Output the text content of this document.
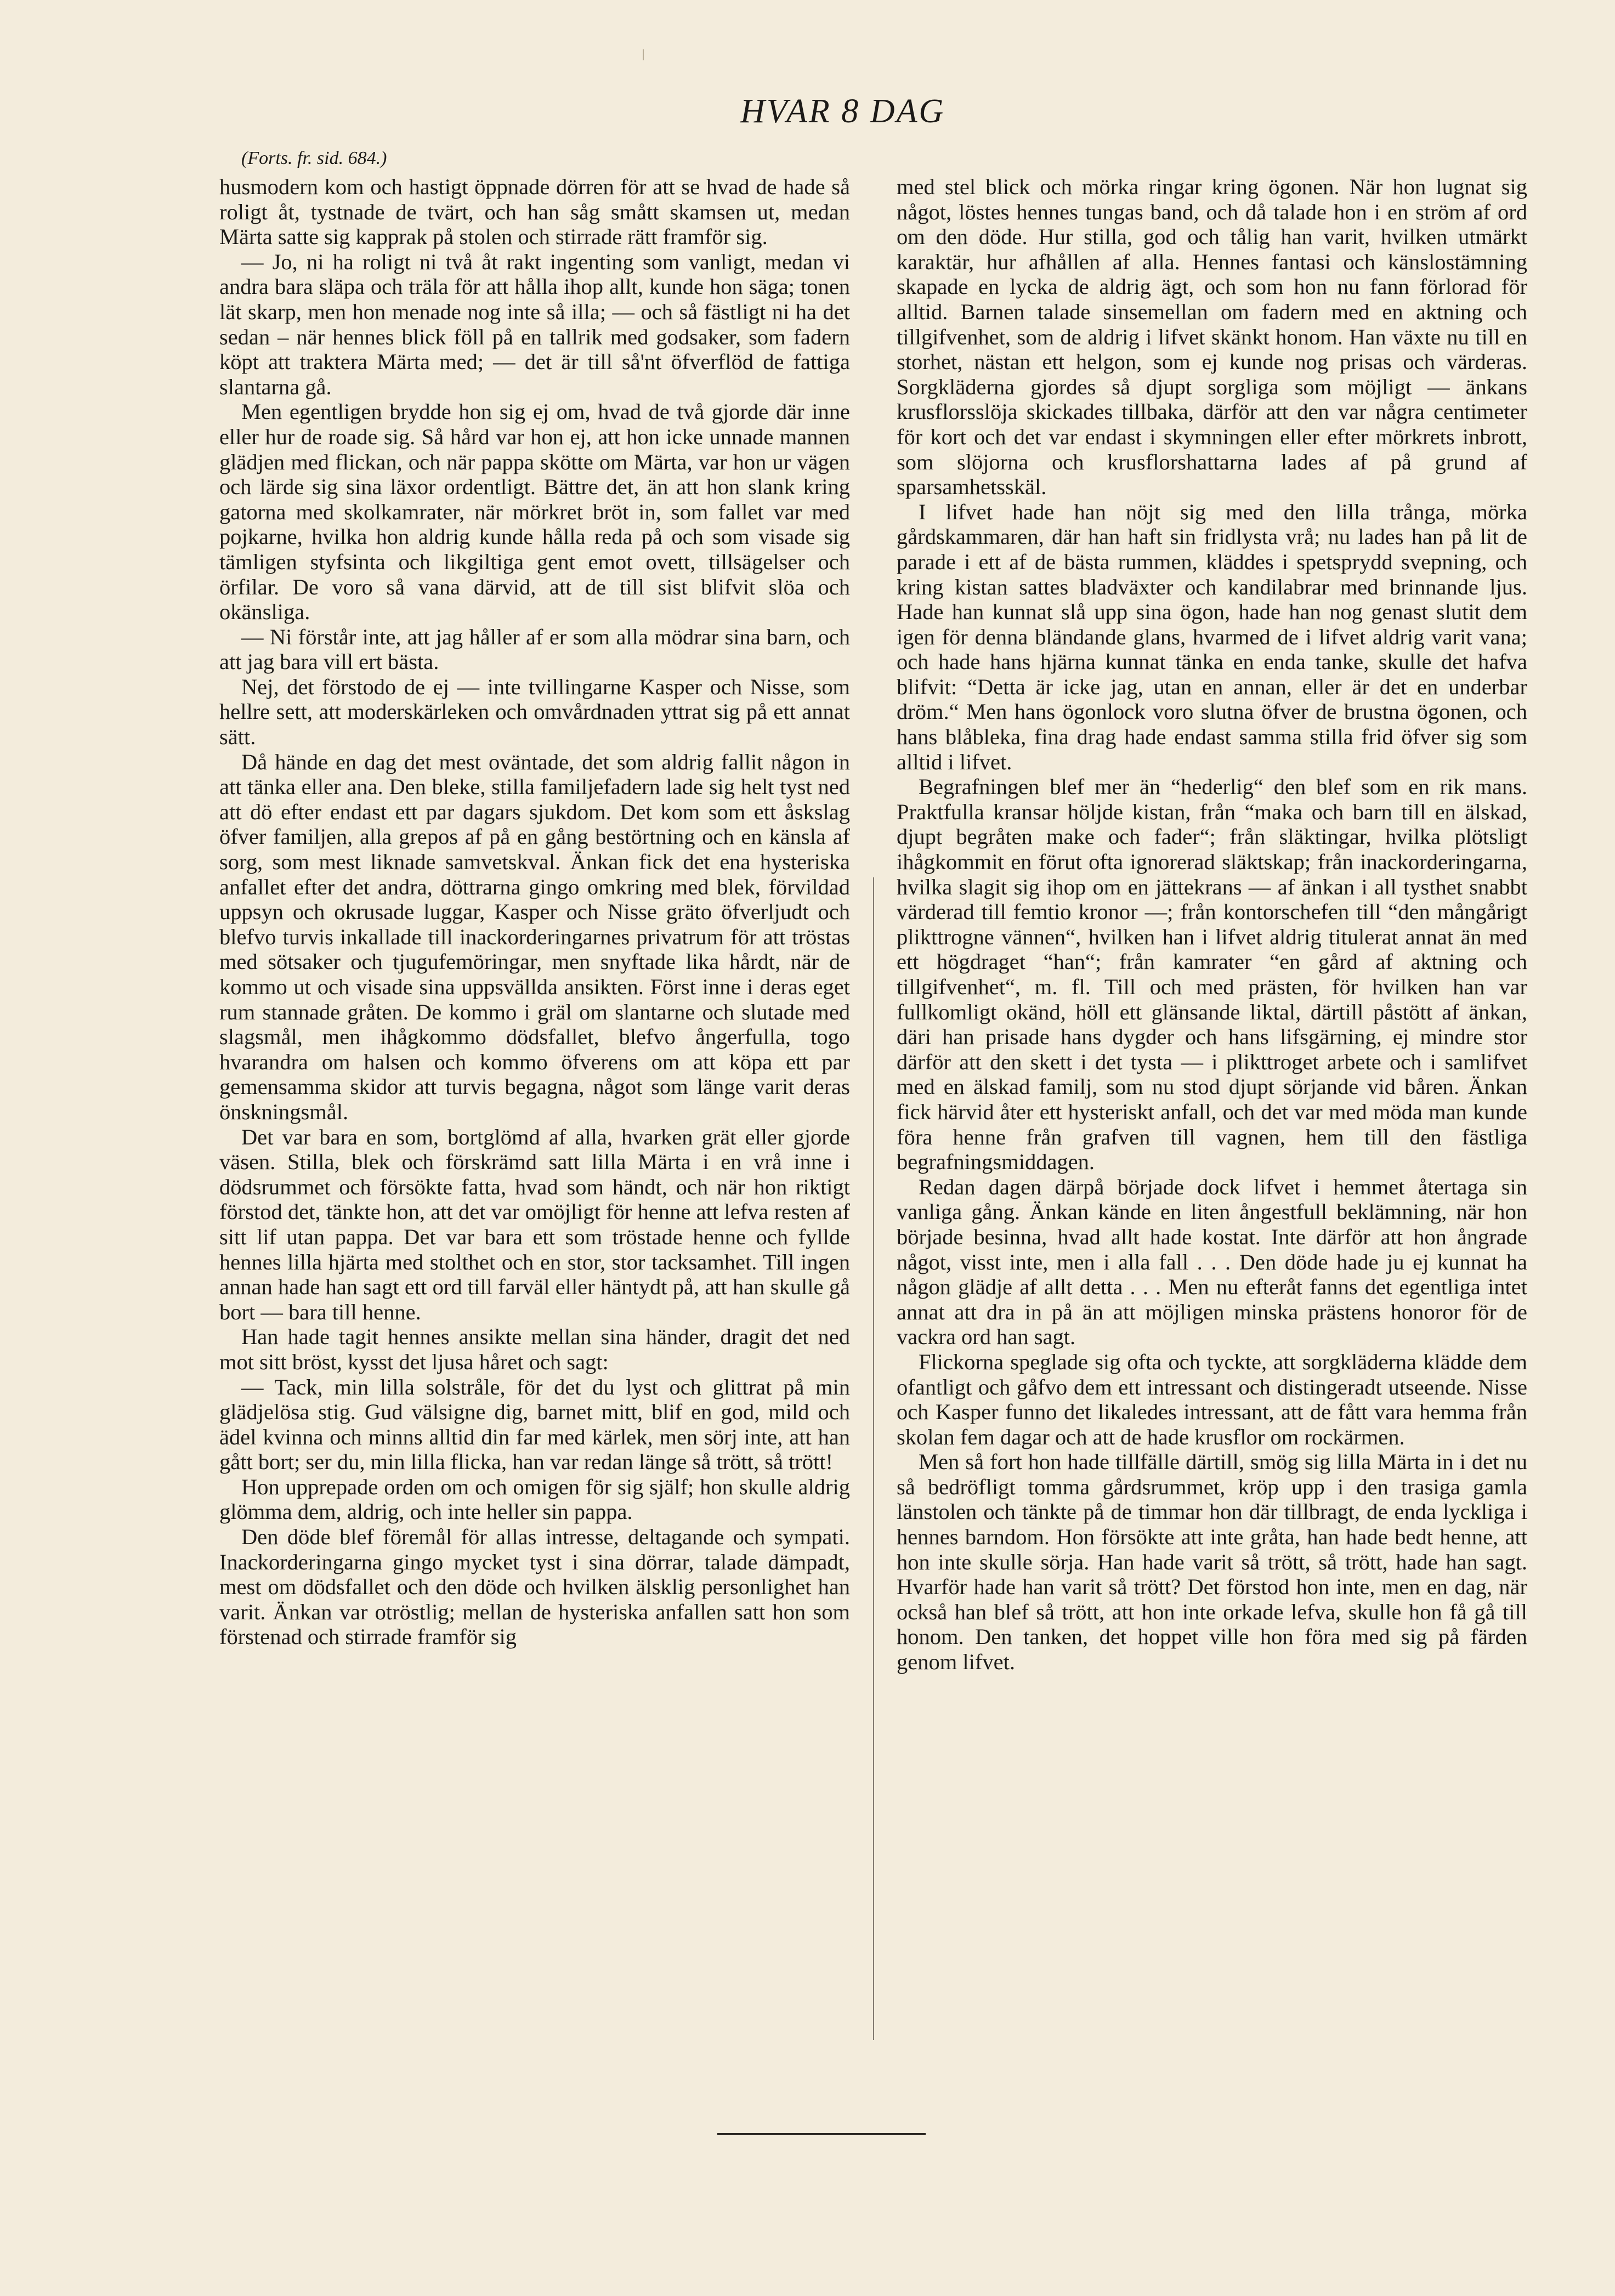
HVAR 8 DAG
(Forts. fr. sid. 684.)

husmodern kom och hastigt öppnade dörren för att se hvad de hade så roligt åt, tystnade de tvärt, och han såg smått skamsen ut, medan Märta satte sig kapprak på stolen och stirrade rätt framför sig.

— Jo, ni ha roligt ni två åt rakt ingenting som vanligt, medan vi andra bara släpa och träla för att hålla ihop allt, kunde hon säga; tonen lät skarp, men hon menade nog inte så illa; — och så fästligt ni ha det sedan – när hennes blick föll på en tallrik med godsaker, som fadern köpt att traktera Märta med; — det är till så'nt öfverflöd de fattiga slantarna gå.

Men egentligen brydde hon sig ej om, hvad de två gjorde där inne eller hur de roade sig. Så hård var hon ej, att hon icke unnade mannen glädjen med flickan, och när pappa skötte om Märta, var hon ur vägen och lärde sig sina läxor ordentligt. Bättre det, än att hon slank kring gatorna med skolkamrater, när mörkret bröt in, som fallet var med pojkarne, hvilka hon aldrig kunde hålla reda på och som visade sig tämligen styfsinta och likgiltiga gent emot ovett, tillsägelser och örfilar. De voro så vana därvid, att de till sist blifvit slöa och okänsliga.

— Ni förstår inte, att jag håller af er som alla mödrar sina barn, och att jag bara vill ert bästa.

Nej, det förstodo de ej — inte tvillingarne Kasper och Nisse, som hellre sett, att moderskärleken och omvårdnaden yttrat sig på ett annat sätt.

Då hände en dag det mest oväntade, det som aldrig fallit någon in att tänka eller ana. Den bleke, stilla familjefadern lade sig helt tyst ned att dö efter endast ett par dagars sjukdom. Det kom som ett åskslag öfver familjen, alla grepos af på en gång bestörtning och en känsla af sorg, som mest liknade samvetskval. Änkan fick det ena hysteriska anfallet efter det andra, döttrarna gingo omkring med blek, förvildad uppsyn och okrusade luggar, Kasper och Nisse gräto öfverljudt och blefvo turvis inkallade till inackorderingarnes privatrum för att tröstas med sötsaker och tjugufemöringar, men snyftade lika hårdt, när de kommo ut och visade sina uppsvällda ansikten. Först inne i deras eget rum stannade gråten. De kommo i gräl om slantarne och slutade med slagsmål, men ihågkommo dödsfallet, blefvo ångerfulla, togo hvarandra om halsen och kommo öfverens om att köpa ett par gemensamma skidor att turvis begagna, något som länge varit deras önskningsmål.

Det var bara en som, bortglömd af alla, hvarken grät eller gjorde väsen. Stilla, blek och förskrämd satt lilla Märta i en vrå inne i dödsrummet och försökte fatta, hvad som händt, och när hon riktigt förstod det, tänkte hon, att det var omöjligt för henne att lefva resten af sitt lif utan pappa. Det var bara ett som tröstade henne och fyllde hennes lilla hjärta med stolthet och en stor, stor tacksamhet. Till ingen annan hade han sagt ett ord till farväl eller häntydt på, att han skulle gå bort — bara till henne.

Han hade tagit hennes ansikte mellan sina händer, dragit det ned mot sitt bröst, kysst det ljusa håret och sagt:

— Tack, min lilla solstråle, för det du lyst och glittrat på min glädjelösa stig. Gud välsigne dig, barnet mitt, blif en god, mild och ädel kvinna och minns alltid din far med kärlek, men sörj inte, att han gått bort; ser du, min lilla flicka, han var redan länge så trött, så trött!

Hon upprepade orden om och omigen för sig själf; hon skulle aldrig glömma dem, aldrig, och inte heller sin pappa.

Den döde blef föremål för allas intresse, deltagande och sympati. Inackorderingarna gingo mycket tyst i sina dörrar, talade dämpadt, mest om dödsfallet och den döde och hvilken älsklig personlighet han varit. Änkan var otröstlig; mellan de hysteriska anfallen satt hon som förstenad och stirrade framför sig

med stel blick och mörka ringar kring ögonen. När hon lugnat sig något, löstes hennes tungas band, och då talade hon i en ström af ord om den döde. Hur stilla, god och tålig han varit, hvilken utmärkt karaktär, hur afhållen af alla. Hennes fantasi och känslostämning skapade en lycka de aldrig ägt, och som hon nu fann förlorad för alltid. Barnen talade sinsemellan om fadern med en aktning och tillgifvenhet, som de aldrig i lifvet skänkt honom. Han växte nu till en storhet, nästan ett helgon, som ej kunde nog prisas och värderas. Sorgkläderna gjordes så djupt sorgliga som möjligt — änkans krusflorsslöja skickades tillbaka, därför att den var några centimeter för kort och det var endast i skymningen eller efter mörkrets inbrott, som slöjorna och krusflorshattarna lades af på grund af sparsamhetsskäl.

I lifvet hade han nöjt sig med den lilla trånga, mörka gårdskammaren, där han haft sin fridlysta vrå; nu lades han på lit de parade i ett af de bästa rummen, kläddes i spetsprydd svepning, och kring kistan sattes bladväxter och kandilabrar med brinnande ljus. Hade han kunnat slå upp sina ögon, hade han nog genast slutit dem igen för denna bländande glans, hvarmed de i lifvet aldrig varit vana; och hade hans hjärna kunnat tänka en enda tanke, skulle det hafva blifvit: “Detta är icke jag, utan en annan, eller är det en underbar dröm.“ Men hans ögonlock voro slutna öfver de brustna ögonen, och hans blåbleka, fina drag hade endast samma stilla frid öfver sig som alltid i lifvet.

Begrafningen blef mer än “hederlig“ den blef som en rik mans. Praktfulla kransar höljde kistan, från “maka och barn till en älskad, djupt begråten make och fader“; från släktingar, hvilka plötsligt ihågkommit en förut ofta ignorerad släktskap; från inackorderingarna, hvilka slagit sig ihop om en jättekrans — af änkan i all tysthet snabbt värderad till femtio kronor —; från kontorschefen till “den mångårigt plikttrogne vännen“, hvilken han i lifvet aldrig titulerat annat än med ett högdraget “han“; från kamrater “en gård af aktning och tillgifvenhet“, m. fl. Till och med prästen, för hvilken han var fullkomligt okänd, höll ett glänsande liktal, därtill påstött af änkan, däri han prisade hans dygder och hans lifsgärning, ej mindre stor därför att den skett i det tysta — i plikttroget arbete och i samlifvet med en älskad familj, som nu stod djupt sörjande vid båren. Änkan fick härvid åter ett hysteriskt anfall, och det var med möda man kunde föra henne från grafven till vagnen, hem till den fästliga begrafningsmiddagen.

Redan dagen därpå började dock lifvet i hemmet återtaga sin vanliga gång. Änkan kände en liten ångestfull beklämning, när hon började besinna, hvad allt hade kostat. Inte därför att hon ångrade något, visst inte, men i alla fall . . . Den döde hade ju ej kunnat ha någon glädje af allt detta . . . Men nu efteråt fanns det egentliga intet annat att dra in på än att möjligen minska prästens honoror för de vackra ord han sagt.

Flickorna speglade sig ofta och tyckte, att sorgkläderna klädde dem ofantligt och gåfvo dem ett intressant och distingeradt utseende. Nisse och Kasper funno det likaledes intressant, att de fått vara hemma från skolan fem dagar och att de hade krusflor om rockärmen.

Men så fort hon hade tillfälle därtill, smög sig lilla Märta in i det nu så bedröfligt tomma gårdsrummet, kröp upp i den trasiga gamla länstolen och tänkte på de timmar hon där tillbragt, de enda lyckliga i hennes barndom. Hon försökte att inte gråta, han hade bedt henne, att hon inte skulle sörja. Han hade varit så trött, så trött, hade han sagt. Hvarför hade han varit så trött? Det förstod hon inte, men en dag, när också han blef så trött, att hon inte orkade lefva, skulle hon få gå till honom. Den tanken, det hoppet ville hon föra med sig på färden genom lifvet.
